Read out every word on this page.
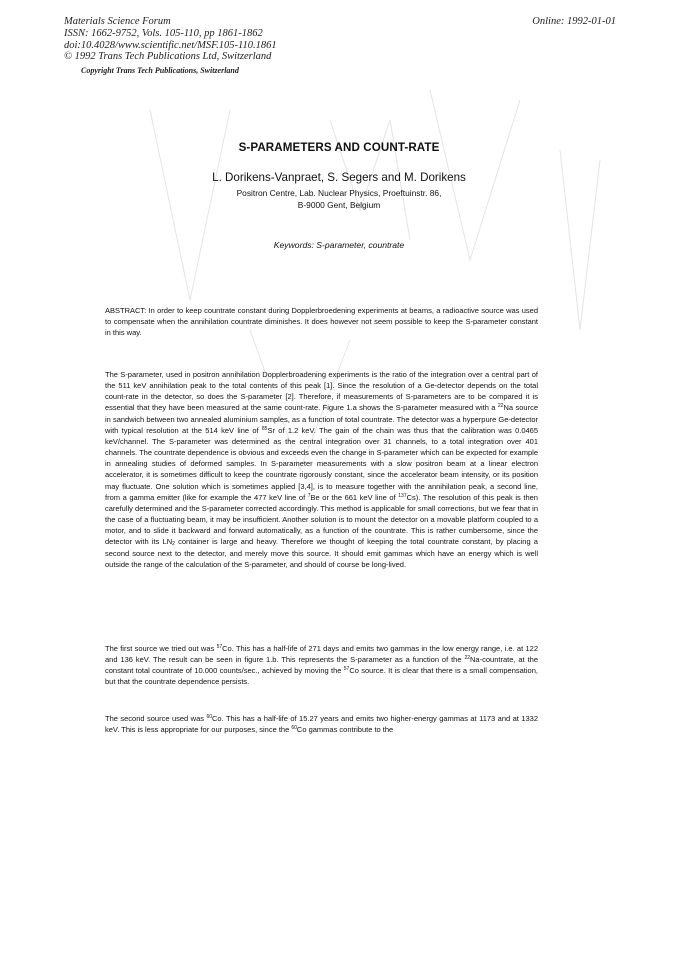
Materials Science Forum
ISSN: 1662-9752, Vols. 105-110, pp 1861-1862
doi:10.4028/www.scientific.net/MSF.105-110.1861
© 1992 Trans Tech Publications Ltd, Switzerland
Online: 1992-01-01
Copyright Trans Tech Publications, Switzerland
S-PARAMETERS AND COUNT-RATE
L. Dorikens-Vanpraet, S. Segers and M. Dorikens
Positron Centre, Lab. Nuclear Physics, Proeftuinstr. 86,
B-9000 Gent, Belgium
Keywords: S-parameter, countrate

ABSTRACT: In order to keep countrate constant during Dopplerbroedening experiments at beams, a radioactive source was used to compensate when the annihilation countrate diminishes. It does however not seem possible to keep the S-parameter constant in this way.

The S-parameter, used in positron annihilation Dopplerbroadening experiments is the ratio of the integration over a central part of the 511 keV annihilation peak to the total contents of this peak [1]. Since the resolution of a Ge-detector depends on the total count-rate in the detector, so does the S-parameter [2]. Therefore, if measurements of S-parameters are to be compared it is essential that they have been measured at the same count-rate. Figure 1.a shows the S-parameter measured with a $^{22}$Na source in sandwich between two annealed aluminium samples, as a function of total countrate. The detector was a hyperpure Ge-detector with typical resolution at the 514 keV line of $^{85}$Sr of 1.2 keV. The gain of the chain was thus that the calibration was 0.0465 keV/channel. The S-parameter was determined as the central integration over 31 channels, to a total integration over 401 channels. The countrate dependence is obvious and exceeds even the change in S-parameter which can be expected for example in annealing studies of deformed samples. In S-parameter measurements with a slow positron beam at a linear electron accelerator, it is sometimes difficult to keep the countrate rigorously constant, since the accelerator beam intensity, or its position may fluctuate. One solution which is sometimes applied [3,4], is to measure together with the annihilation peak, a second line, from a gamma emitter (like for example the 477 keV line of $^7$Be or the 661 keV line of $^{137}$Cs). The resolution of this peak is then carefully determined and the S-parameter corrected accordingly. This method is applicable for small corrections, but we fear that in the case of a fluctuating beam, it may be insufficient. Another solution is to mount the detector on a movable platform coupled to a motor, and to slide it backward and forward automatically, as a function of the countrate. This is rather cumbersome, since the detector with its $LN_2$ container is large and heavy. Therefore we thought of keeping the total countrate constant, by placing a second source next to the detector, and merely move this source. It should emit gammas which have an energy which is well outside the range of the calculation of the S-parameter, and should of course be long-lived.

The first source we tried out was $^{57}$Co. This has a half-life of 271 days and emits two gammas in the low energy range, i.e. at 122 and 136 keV. The result can be seen in figure 1.b. This represents the S-parameter as a function of the $^{22}$Na-countrate, at the constant total countrate of 10.000 counts/sec., achieved by moving the $^{57}$Co source. It is clear that there is a small compensation, but that the countrate dependence persists.

The second source used was $^{60}$Co. This has a half-life of 15.27 years and emits two higher-energy gammas at 1173 and at 1332 keV. This is less appropriate for our purposes, since the $^{60}$Co gammas contribute to the
